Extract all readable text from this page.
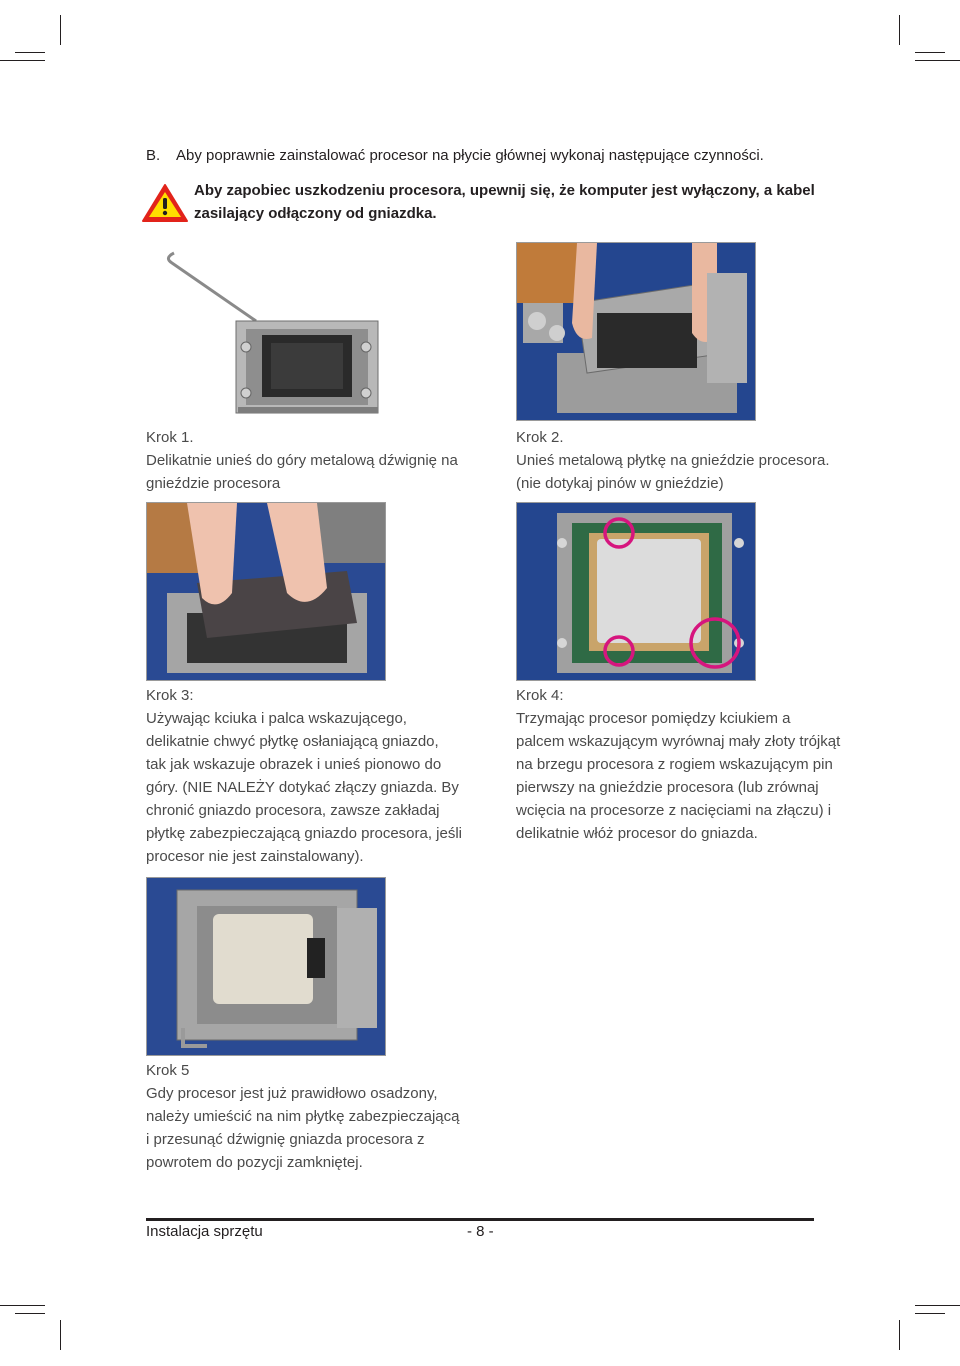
B. Aby poprawnie zainstalować procesor na płycie głównej wykonaj następujące czynności.
Aby zapobiec uszkodzeniu procesora, upewnij się, że komputer jest wyłączony, a kabel
zasilający odłączony od gniazdka.
Krok 1.
Delikatnie unieś do góry metalową dźwignię na
gnieździe procesora
Krok 2.
Unieś metalową płytkę na gnieździe procesora.
(nie dotykaj pinów w gnieździe)
Krok 3:
Używając kciuka i palca wskazującego,
delikatnie chwyć płytkę osłaniającą gniazdo,
tak jak wskazuje obrazek i unieś pionowo do
góry. (NIE NALEŻY dotykać złączy gniazda. By
chronić gniazdo procesora, zawsze zakładaj
płytkę zabezpieczającą gniazdo procesora, jeśli
procesor nie jest zainstalowany).
Krok 4:
Trzymając procesor pomiędzy kciukiem a
palcem wskazującym wyrównaj mały złoty trójkąt
na brzegu procesora z rogiem wskazującym pin
pierwszy na gnieździe procesora (lub zrównaj
wcięcia na procesorze z nacięciami na złączu) i
delikatnie włóż procesor do gniazda.
Krok 5
Gdy procesor jest już prawidłowo osadzony,
należy umieścić na nim płytkę zabezpieczającą
i przesunąć dźwignię gniazda procesora z
powrotem do pozycji zamkniętej.
Instalacja sprzętu	- 8 -
